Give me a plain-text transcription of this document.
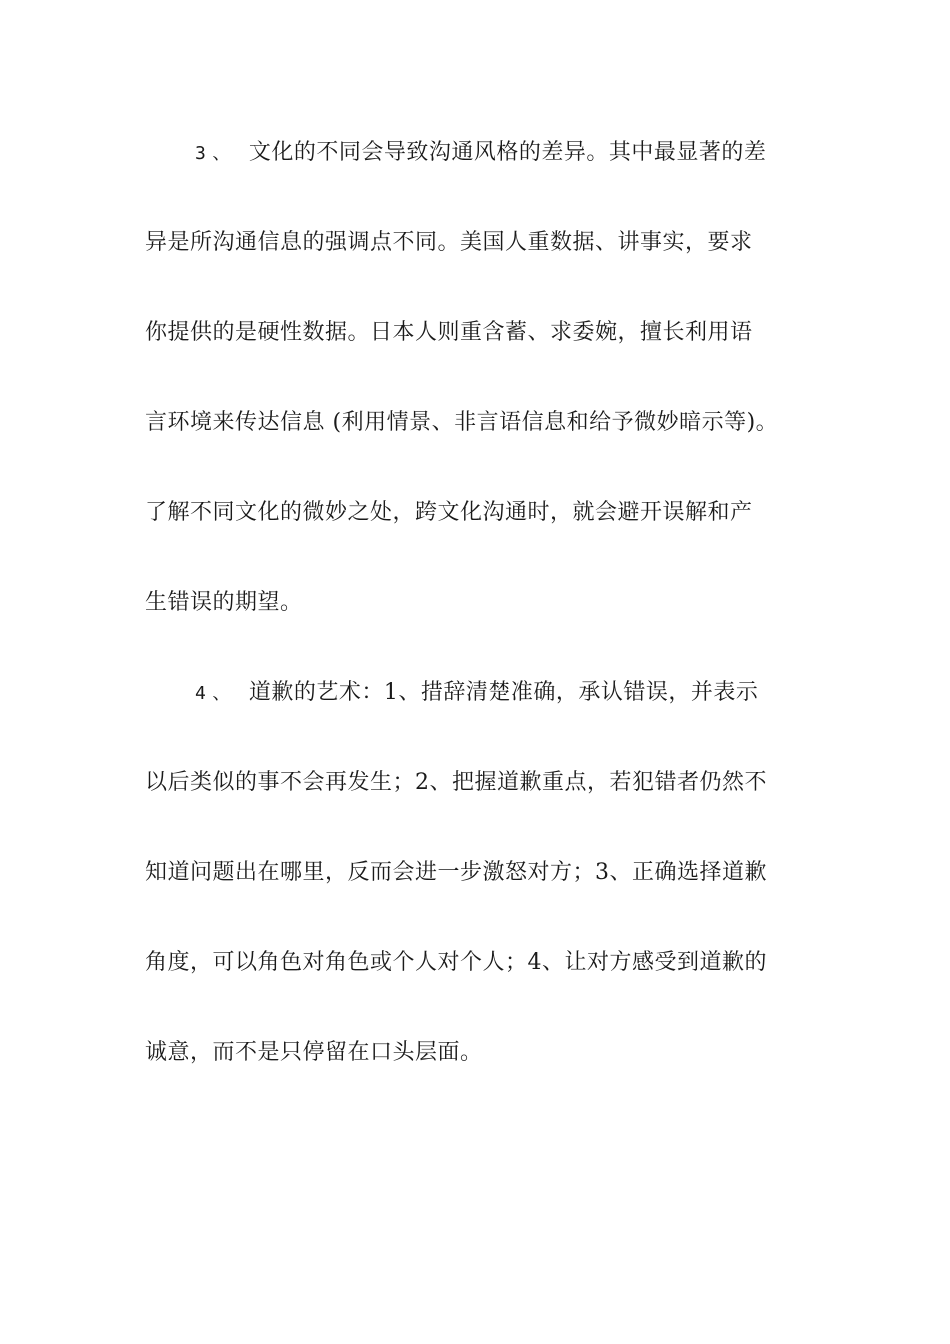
3 、 文化的不同会导致沟通风格的差异。其中最显著的差
异是所沟通信息的强调点不同。美国人重数据、讲事实，要求
你提供的是硬性数据。日本人则重含蓄、求委婉，擅长利用语
言环境来传达信息 (利用情景、非言语信息和给予微妙暗示等)。
了解不同文化的微妙之处，跨文化沟通时，就会避开误解和产
生错误的期望。
4 、 道歉的艺术：1、措辞清楚准确，承认错误，并表示
以后类似的事不会再发生；2、把握道歉重点，若犯错者仍然不
知道问题出在哪里，反而会进一步激怒对方；3、正确选择道歉
角度，可以角色对角色或个人对个人；4、让对方感受到道歉的
诚意，而不是只停留在口头层面。
